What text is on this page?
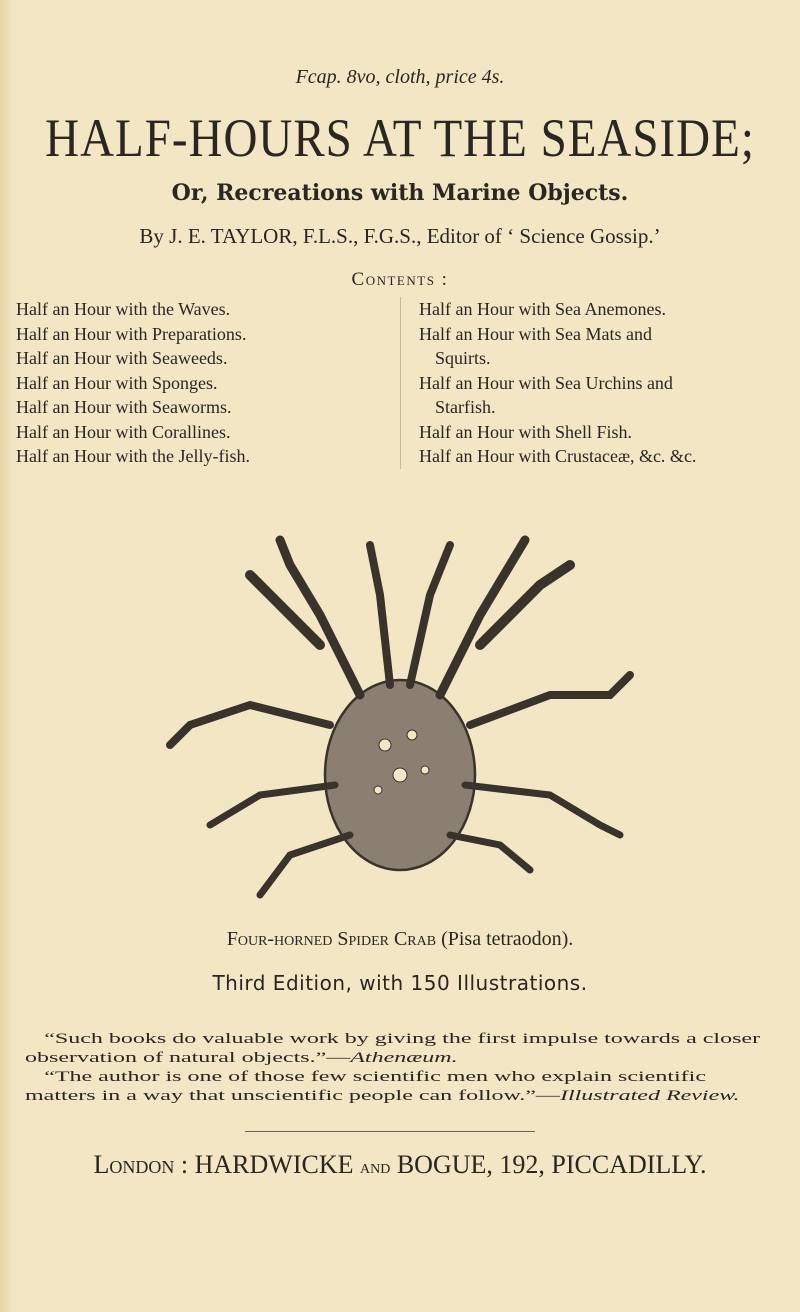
Fcap. 8vo, cloth, price 4s.
HALF-HOURS AT THE SEASIDE;
Or, Recreations with Marine Objects.
By J. E. TAYLOR, F.L.S., F.G.S., Editor of ‘ Science Gossip.’
Contents :
Half an Hour with the Waves.
Half an Hour with Preparations.
Half an Hour with Seaweeds.
Half an Hour with Sponges.
Half an Hour with Seaworms.
Half an Hour with Corallines.
Half an Hour with the Jelly-fish.
Half an Hour with Sea Anemones.
Half an Hour with Sea Mats and
Squirts.
Half an Hour with Sea Urchins and
Starfish.
Half an Hour with Shell Fish.
Half an Hour with Crustaceæ, &c. &c.
Four-horned Spider Crab (Pisa tetraodon).
Third Edition, with 150 Illustrations.

“Such books do valuable work by giving the first impulse towards a closer observation of natural objects.”—Athenæum.

“The author is one of those few scientific men who explain scientific matters in a way that unscientific people can follow.”—Illustrated Review.

London : HARDWICKE and BOGUE, 192, PICCADILLY.
